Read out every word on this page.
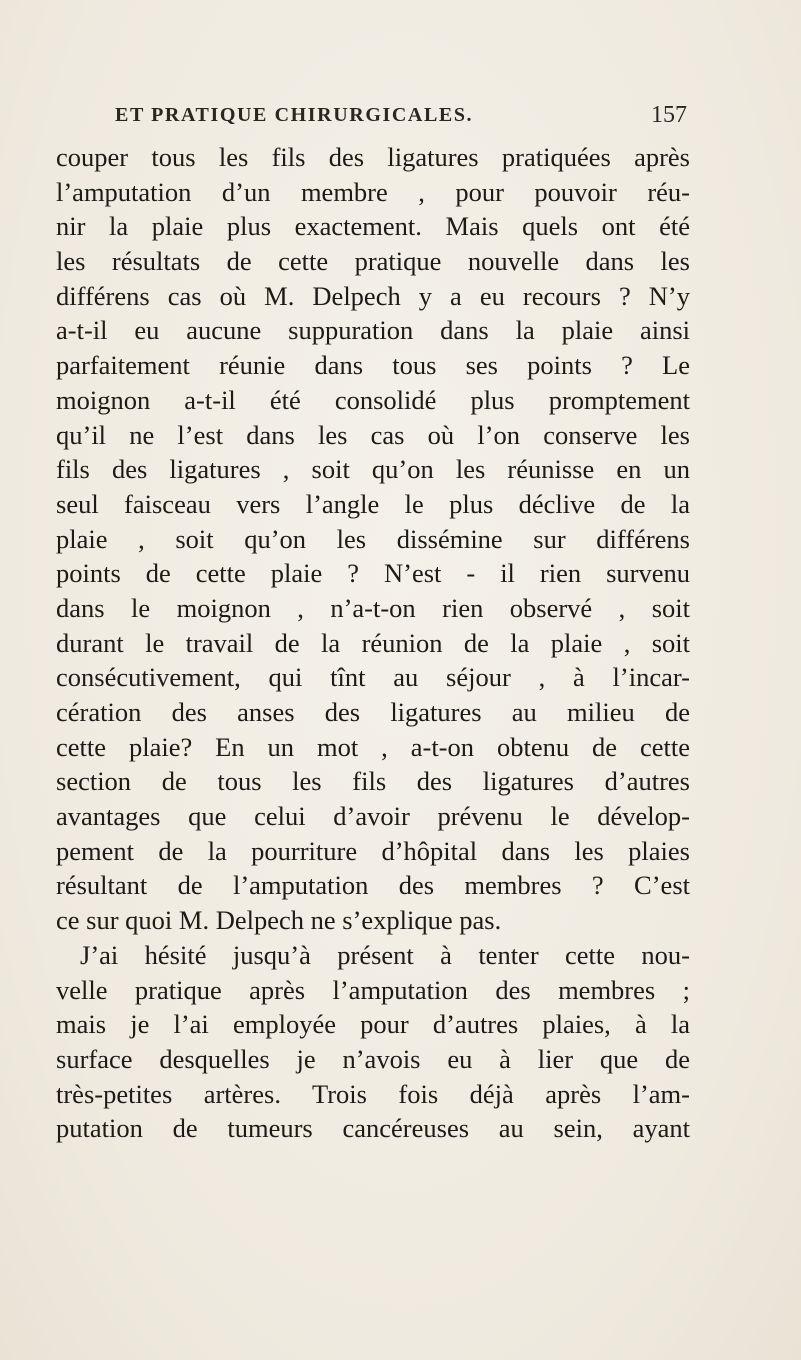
ET PRATIQUE CHIRURGICALES.	157
couper tous les fils des ligatures pratiquées après
l’amputation d’un membre , pour pouvoir réu-
nir la plaie plus exactement. Mais quels ont été
les résultats de cette pratique nouvelle dans les
différens cas où M. Delpech y a eu recours ? N’y
a-t-il eu aucune suppuration dans la plaie ainsi
parfaitement réunie dans tous ses points ? Le
moignon a-t-il été consolidé plus promptement
qu’il ne l’est dans les cas où l’on conserve les
fils des ligatures , soit qu’on les réunisse en un
seul faisceau vers l’angle le plus déclive de la
plaie , soit qu’on les dissémine sur différens
points de cette plaie ? N’est - il rien survenu
dans le moignon , n’a-t-on rien observé , soit
durant le travail de la réunion de la plaie , soit
consécutivement, qui tînt au séjour , à l’incar-
cération des anses des ligatures au milieu de
cette plaie? En un mot , a-t-on obtenu de cette
section de tous les fils des ligatures d’autres
avantages que celui d’avoir prévenu le dévelop-
pement de la pourriture d’hôpital dans les plaies
résultant de l’amputation des membres ? C’est
ce sur quoi M. Delpech ne s’explique pas.
J’ai hésité jusqu’à présent à tenter cette nou-
velle pratique après l’amputation des membres ;
mais je l’ai employée pour d’autres plaies, à la
surface desquelles je n’avois eu à lier que de
très-petites artères. Trois fois déjà après l’am-
putation de tumeurs cancéreuses au sein, ayant
